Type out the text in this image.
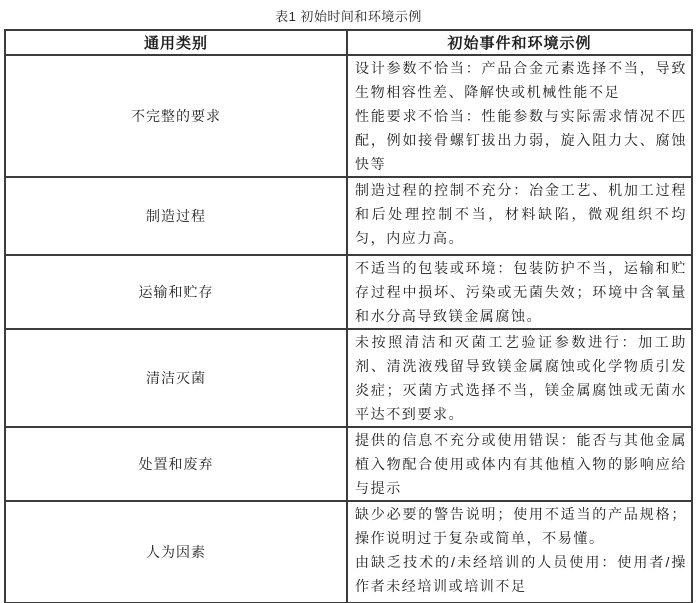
表1 初始时间和环境示例
通用类别	初始事件和环境示例
不完整的要求	设计参数不恰当：产品合金元素选择不当，导致生物相容性差、降解快或机械性能不足

性能要求不恰当：性能参数与实际需求情况不匹配，例如接骨螺钉拔出力弱，旋入阻力大、腐蚀快等

制造过程	制造过程的控制不充分：冶金工艺、机加工过程和后处理控制不当，材料缺陷，微观组织不均匀，内应力高。

运输和贮存	不适当的包装或环境：包装防护不当，运输和贮存过程中损坏、污染或无菌失效；环境中含氧量和水分高导致镁金属腐蚀。

清洁灭菌	未按照清洁和灭菌工艺验证参数进行：加工助剂、清洗液残留导致镁金属腐蚀或化学物质引发炎症；灭菌方式选择不当，镁金属腐蚀或无菌水平达不到要求。

处置和废弃	提供的信息不充分或使用错误：能否与其他金属植入物配合使用或体内有其他植入物的影响应给与提示

人为因素	缺少必要的警告说明；使用不适当的产品规格；操作说明过于复杂或简单，不易懂。

由缺乏技术的/未经培训的人员使用：使用者/操作者未经培训或培训不足
